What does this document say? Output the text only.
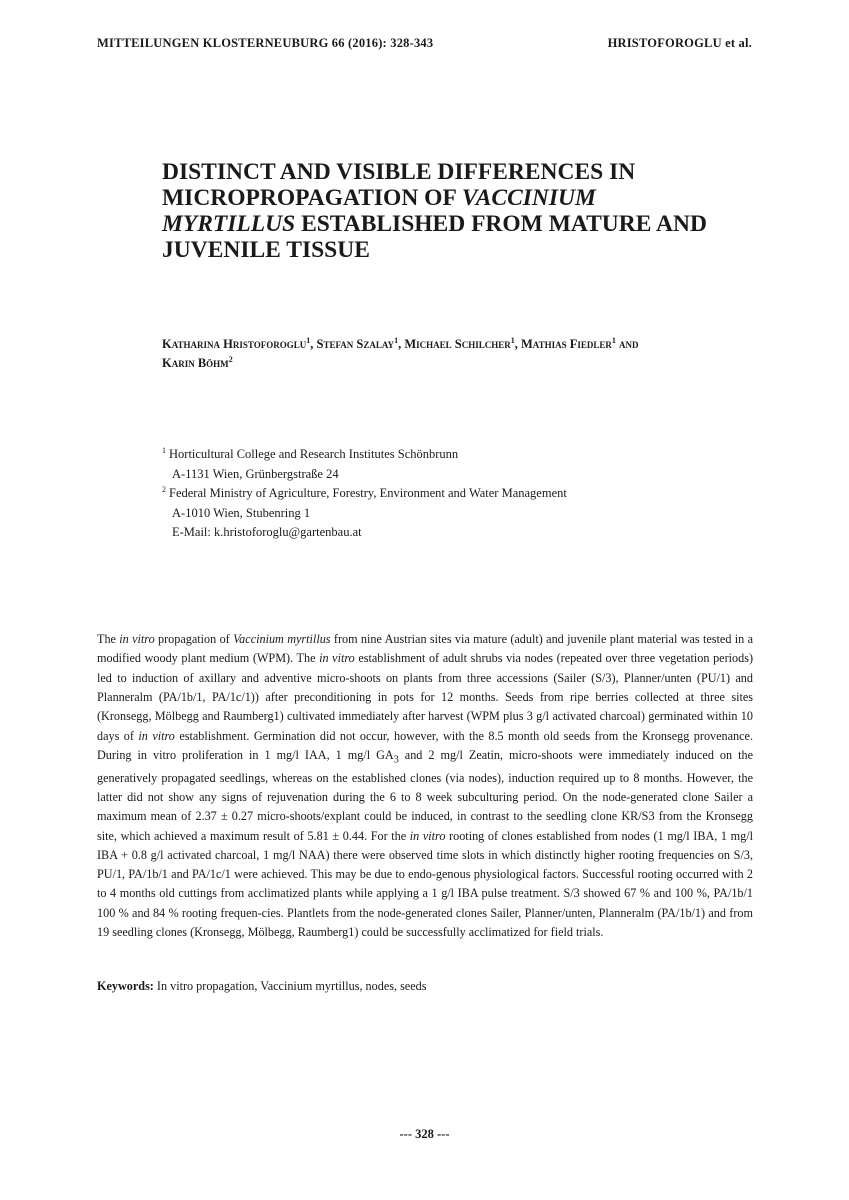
MITTEILUNGEN KLOSTERNEUBURG 66 (2016): 328-343	HRISTOFOROGLU et al.
DISTINCT AND VISIBLE DIFFERENCES IN
MICROPROPAGATION OF VACCINIUM
MYRTILLUS ESTABLISHED FROM MATURE AND
JUVENILE TISSUE
Katharina Hristoforoglu$^1$, Stefan Szalay$^1$, Michael Schilcher$^1$, Mathias Fiedler$^1$ and
Karin Böhm$^2$
$^1$ Horticultural College and Research Institutes Schönbrunn
A-1131 Wien, Grünbergstraße 24
$^2$ Federal Ministry of Agriculture, Forestry, Environment and Water Management
A-1010 Wien, Stubenring 1
E-Mail: k.hristoforoglu@gartenbau.at

The in vitro propagation of Vaccinium myrtillus from nine Austrian sites via mature (adult) and juvenile plant material was tested in a modified woody plant medium (WPM). The in vitro establishment of adult shrubs via nodes (repeated over three vegetation periods) led to induction of axillary and adventive micro-shoots on plants from three accessions (Sailer (S/3), Planner/unten (PU/1) and Planneralm (PA/1b/1, PA/1c/1)) after preconditioning in pots for 12 months. Seeds from ripe berries collected at three sites (Kronsegg, Mölbegg and Raumberg1) cultivated immediately after harvest (WPM plus 3 g/l activated charcoal) germinated within 10 days of in vitro establishment. Germination did not occur, however, with the 8.5 month old seeds from the Kronsegg provenance. During in vitro proliferation in 1 mg/l IAA, 1 mg/l $GA_3$ and 2 mg/l Zeatin, micro-shoots were immediately induced on the generatively propagated seedlings, whereas on the established clones (via nodes), induction required up to 8 months. However, the latter did not show any signs of rejuvenation during the 6 to 8 week subculturing period. On the node-generated clone Sailer a maximum mean of 2.37 ± 0.27 micro-shoots/explant could be induced, in contrast to the seedling clone KR/S3 from the Kronsegg site, which achieved a maximum result of 5.81 ± 0.44. For the in vitro rooting of clones established from nodes (1 mg/l IBA, 1 mg/l IBA + 0.8 g/l activated charcoal, 1 mg/l NAA) there were observed time slots in which distinctly higher rooting frequencies on S/3, PU/1, PA/1b/1 and PA/1c/1 were achieved. This may be due to endo-genous physiological factors. Successful rooting occurred with 2 to 4 months old cuttings from acclimatized plants while applying a 1 g/l IBA pulse treatment. S/3 showed 67 % and 100 %, PA/1b/1 100 % and 84 % rooting frequen-cies. Plantlets from the node-generated clones Sailer, Planner/unten, Planneralm (PA/1b/1) and from 19 seedling clones (Kronsegg, Mölbegg, Raumberg1) could be successfully acclimatized for field trials.

Keywords: In vitro propagation, Vaccinium myrtillus, nodes, seeds
--- 328 ---
